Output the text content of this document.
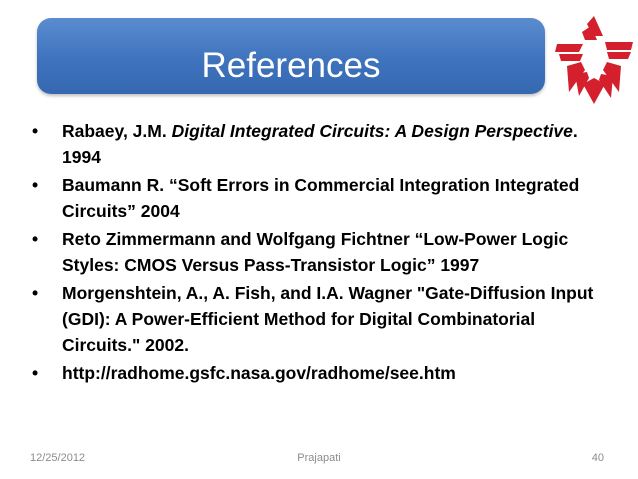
References
• Rabaey, J.M. Digital Integrated Circuits: A Design Perspective. 1994
• Baumann R. “Soft Errors in Commercial Integration Integrated Circuits” 2004
• Reto Zimmermann and Wolfgang Fichtner “Low-Power Logic Styles: CMOS Versus Pass-Transistor Logic” 1997
• Morgenshtein, A., A. Fish, and I.A. Wagner "Gate-Diffusion Input (GDI): A Power-Efficient Method for Digital Combinatorial Circuits." 2002.
• http://radhome.gsfc.nasa.gov/radhome/see.htm
12/25/2012	Prajapati	40
